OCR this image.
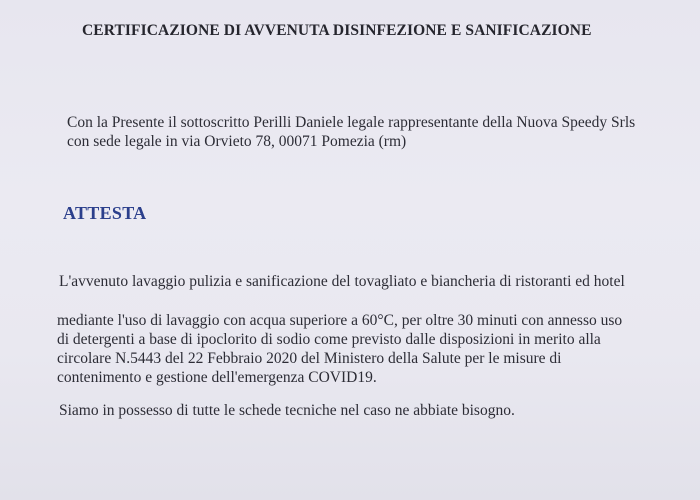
CERTIFICAZIONE DI AVVENUTA DISINFEZIONE E SANIFICAZIONE
Con la Presente il sottoscritto Perilli Daniele legale rappresentante della Nuova Speedy Srls
con sede legale in via Orvieto 78, 00071 Pomezia (rm)
ATTESTA
L'avvenuto lavaggio pulizia e sanificazione del tovagliato e biancheria di ristoranti ed hotel
mediante l'uso di lavaggio con acqua superiore a 60°C, per oltre 30 minuti con annesso uso
di detergenti a base di ipoclorito di sodio come previsto dalle disposizioni in merito alla
circolare N.5443 del 22 Febbraio 2020 del Ministero della Salute per le misure di
contenimento e gestione dell'emergenza COVID19.
Siamo in possesso di tutte le schede tecniche nel caso ne abbiate bisogno.
